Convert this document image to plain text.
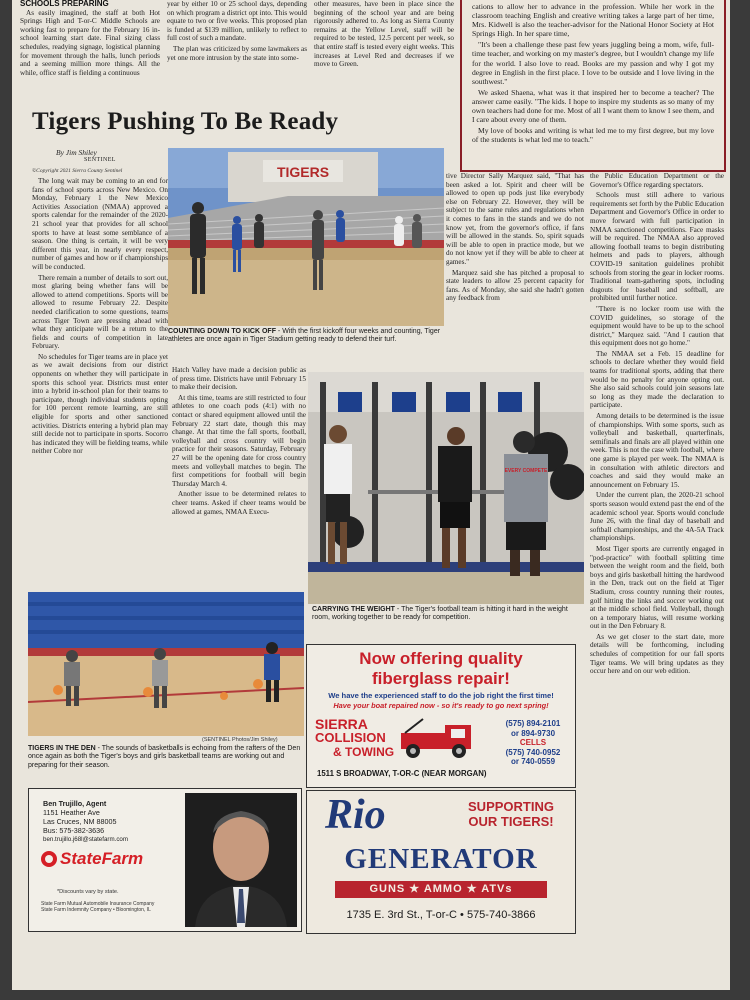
SCHOOLS PREPARING

As easily imagined, the staff at both Hot Springs High and T-or-C Middle Schools are working fast to prepare for the February 16 in-school learning start date. Final sizing class schedules, readying signage, logistical planning for movement through the halls, lunch periods and a seeming million more things. All the while, office staff is fielding a continuous

year by either 10 or 25 school days, depending on which program a district opt into. This would equate to two or five weeks. This proposed plan is funded at $139 million, unlikely to reflect to full cost of such a mandate.

The plan was criticized by some lawmakers as yet one more intrusion by the state into some-

other measures, have been in place since the beginning of the school year and are being rigorously adhered to. As long as Sierra County remains at the Yellow Level, staff will be required to be tested, 12.5 percent per week, so that entire staff is tested every eight weeks. This increases at Level Red and decreases if we move to Green.

cations to allow her to advance in the profession. While her work in the classroom teaching English and creative writing takes a large part of her time, Mrs. Kidwell is also the teacher-advisor for the National Honor Society at Hot Springs High. In her spare time,

"It's been a challenge these past few years juggling being a mom, wife, full-time teacher, and working on my master's degree, but I wouldn't change my life for the world. I also love to read. Books are my passion and why I got my degree in English in the first place. I love to be outside and I love living in the southwest."

We asked Shaena, what was it that inspired her to become a teacher? The answer came easily. "The kids. I hope to inspire my students as so many of my own teachers had done for me. Most of all I want them to know I see them, and I care about every one of them.

My love of books and writing is what led me to my first degree, but my love of the students is what led me to teach."

Tigers Pushing To Be Ready
By Jim Shiley
SENTINEL
©Copyright 2021 Sierra County Sentinel

The long wait may be coming to an end for fans of school sports across New Mexico. On Monday, February 1 the New Mexico Activities Association (NMAA) approved a sports calendar for the remainder of the 2020-21 school year that provides for all school sports to have at least some semblance of a season. One thing is certain, it will be very different this year, in nearly every respect, number of games and how or if championships will be conducted.

There remain a number of details to sort out, most glaring being whether fans will be allowed to attend competitions. Sports will be allowed to resume February 22. Despite needed clarification to some questions, teams across Tiger Town are pressing ahead with what they anticipate will be a return to the fields and courts of competition in late February.

No schedules for Tiger teams are in place yet as we await decisions from our district opponents on whether they will participate in sports this school year. Districts must enter into a hybrid in-school plan for their teams to participate, though individual students opting for 100 percent remote learning, are still eligible for sports and other sanctioned activities. Districts entering a hybrid plan may still decide not to participate in sports. Socorro has indicated they will be fielding teams, while neither Cobre nor

TIGERS
COUNTING DOWN TO KICK OFF - With the first kickoff four weeks and counting, Tiger athletes are once again in Tiger Stadium getting ready to defend their turf.

Hatch Valley have made a decision public as of press time. Districts have until February 15 to make their decision.

At this time, teams are still restricted to four athletes to one coach pods (4:1) with no contact or shared equipment allowed until the February 22 start date, though this may change. At that time the fall sports, football, volleyball and cross country will begin practice for their seasons. Saturday, February 27 will be the opening date for cross country meets and volleyball matches to begin. The first competitions for football will begin Thursday March 4.

Another issue to be determined relates to cheer teams. Asked if cheer teams would be allowed at games, NMAA Execu-

tive Director Sally Marquez said, "That has been asked a lot. Spirit and cheer will be allowed to open up pods just like everybody else on February 22. However, they will be subject to the same rules and regulations when it comes to fans in the stands and we do not know yet, from the governor's office, if fans will be allowed in the stands. So, spirit squads will be able to open in practice mode, but we do not know yet if they will be able to cheer at games."

Marquez said she has pitched a proposal to state leaders to allow 25 percent capacity for fans. As of Monday, she said she hadn't gotten any feedback from

the Public Education Department or the Governor's Office regarding spectators.

Schools must still adhere to various requirements set forth by the Public Education Department and Governor's Office in order to move forward with full participation in NMAA sanctioned competitions. Face masks will be required. The NMAA also approved allowing football teams to begin distributing helmets and pads to players, although COVID-19 sanitation guidelines prohibit schools from storing the gear in locker rooms. Traditional team-gathering spots, including dugouts for baseball and softball, are prohibited until further notice.

"There is no locker room use with the COVID guidelines, so storage of the equipment would have to be up to the school district," Marquez said. "And I caution that this equipment does not go home."

The NMAA set a Feb. 15 deadline for schools to declare whether they would field teams for traditional sports, adding that there would be no penalty for anyone opting out. She also said schools could join seasons late so long as they made the declaration to participate.

Among details to be determined is the issue of championships. With some sports, such as volleyball and basketball, quarterfinals, semifinals and finals are all played within one week. This is not the case with football, where one game is played per week. The NMAA is in consultation with athletic directors and coaches and said they would make an announcement on February 15.

Under the current plan, the 2020-21 school sports season would extend past the end of the academic school year. Sports would conclude June 26, with the final day of baseball and softball championships, and the 4A-5A Track championships.

Most Tiger sports are currently engaged in "pod-practice" with football splitting time between the weight room and the field, both boys and girls basketball hitting the hardwood in the Den, track out on the field at Tiger Stadium, cross country running their routes, golf hitting the links and soccer working out at the middle school field. Volleyball, though on a temporary hiatus, will resume working out in the Den February 8.

As we get closer to the start date, more details will be forthcoming, including schedules of competition for our fall sports Tiger teams. We will bring updates as they occur here and on our web edition.

EVERY COMPETE
CARRYING THE WEIGHT - The Tiger's football team is hitting it hard in the weight room, working together to be ready for competition.
(SENTINEL Photos/Jim Shiley)
TIGERS IN THE DEN - The sounds of basketballs is echoing from the rafters of the Den once again as both the Tiger's boys and girls basketball teams are working out and preparing for their season.
Now offering quality
fiberglass repair!
We have the experienced staff to do the job right the first time!
Have your boat repaired now - so it's ready to go next spring!
SIERRA
COLLISION
& TOWING
(575) 894-2101
or 894-9730
CELLS
(575) 740-0952
or 740-0559
1511 S BROADWAY, T-OR-C (NEAR MORGAN)
Ben Trujillo, Agent
1151 Heather Ave
Las Cruces, NM 88005
Bus: 575-382-3636
ben.trujillo.j68l@statefarm.com
StateFarm
*Discounts vary by state.
State Farm Mutual Automobile Insurance Company
State Farm Indemnity Company • Bloomington, IL
SUPPORTING
OUR TIGERS!
Rio
GENERATOR
GUNS ★ AMMO ★ ATVs
1735 E. 3rd St., T-or-C • 575-740-3866
